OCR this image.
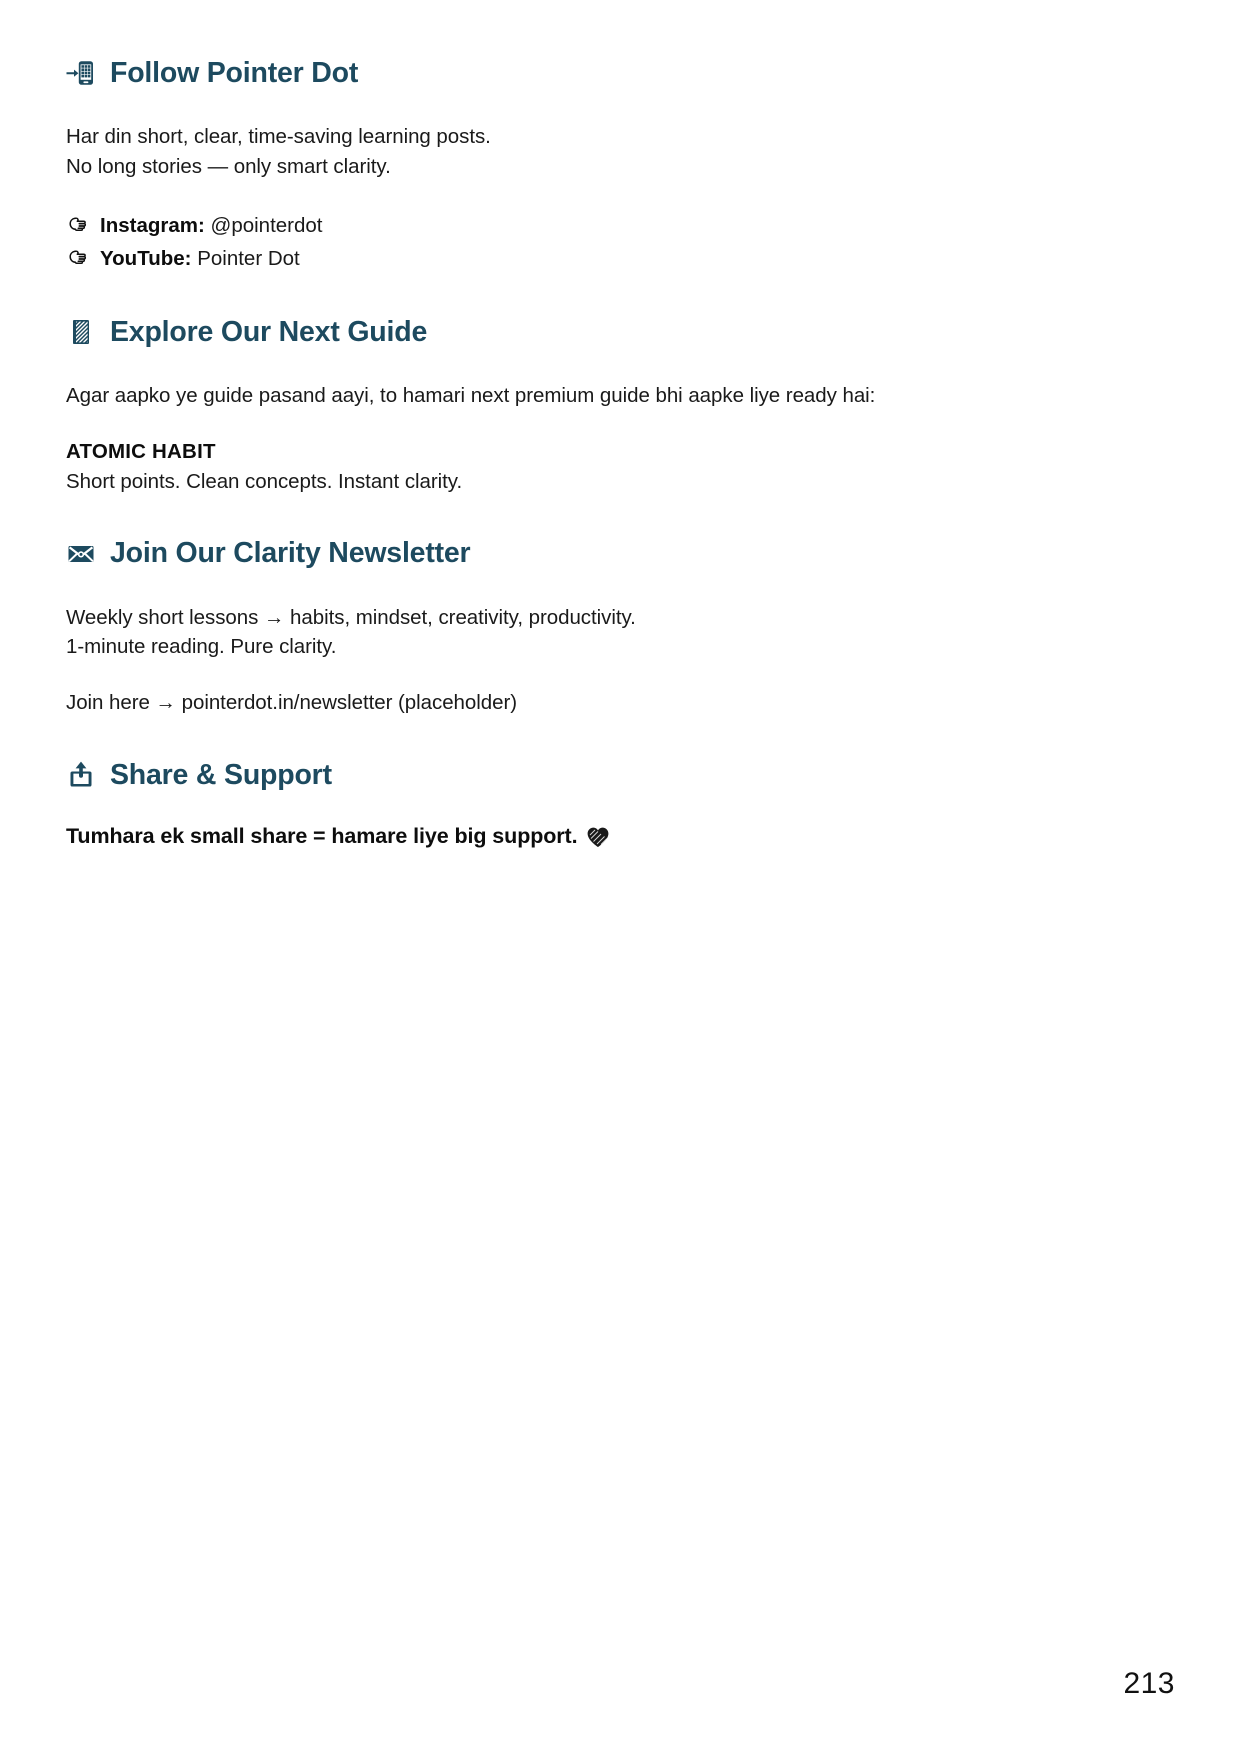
Follow Pointer Dot
Har din short, clear, time-saving learning posts.
No long stories — only smart clarity.
Instagram: @pointerdot
YouTube: Pointer Dot
Explore Our Next Guide
Agar aapko ye guide pasand aayi, to hamari next premium guide bhi aapke liye ready hai:
ATOMIC HABIT
Short points. Clean concepts. Instant clarity.
Join Our Clarity Newsletter
Weekly short lessons → habits, mindset, creativity, productivity.
1-minute reading. Pure clarity.
Join here → pointerdot.in/newsletter (placeholder)
Share & Support
Tumhara ek small share = hamare liye big support.
213
